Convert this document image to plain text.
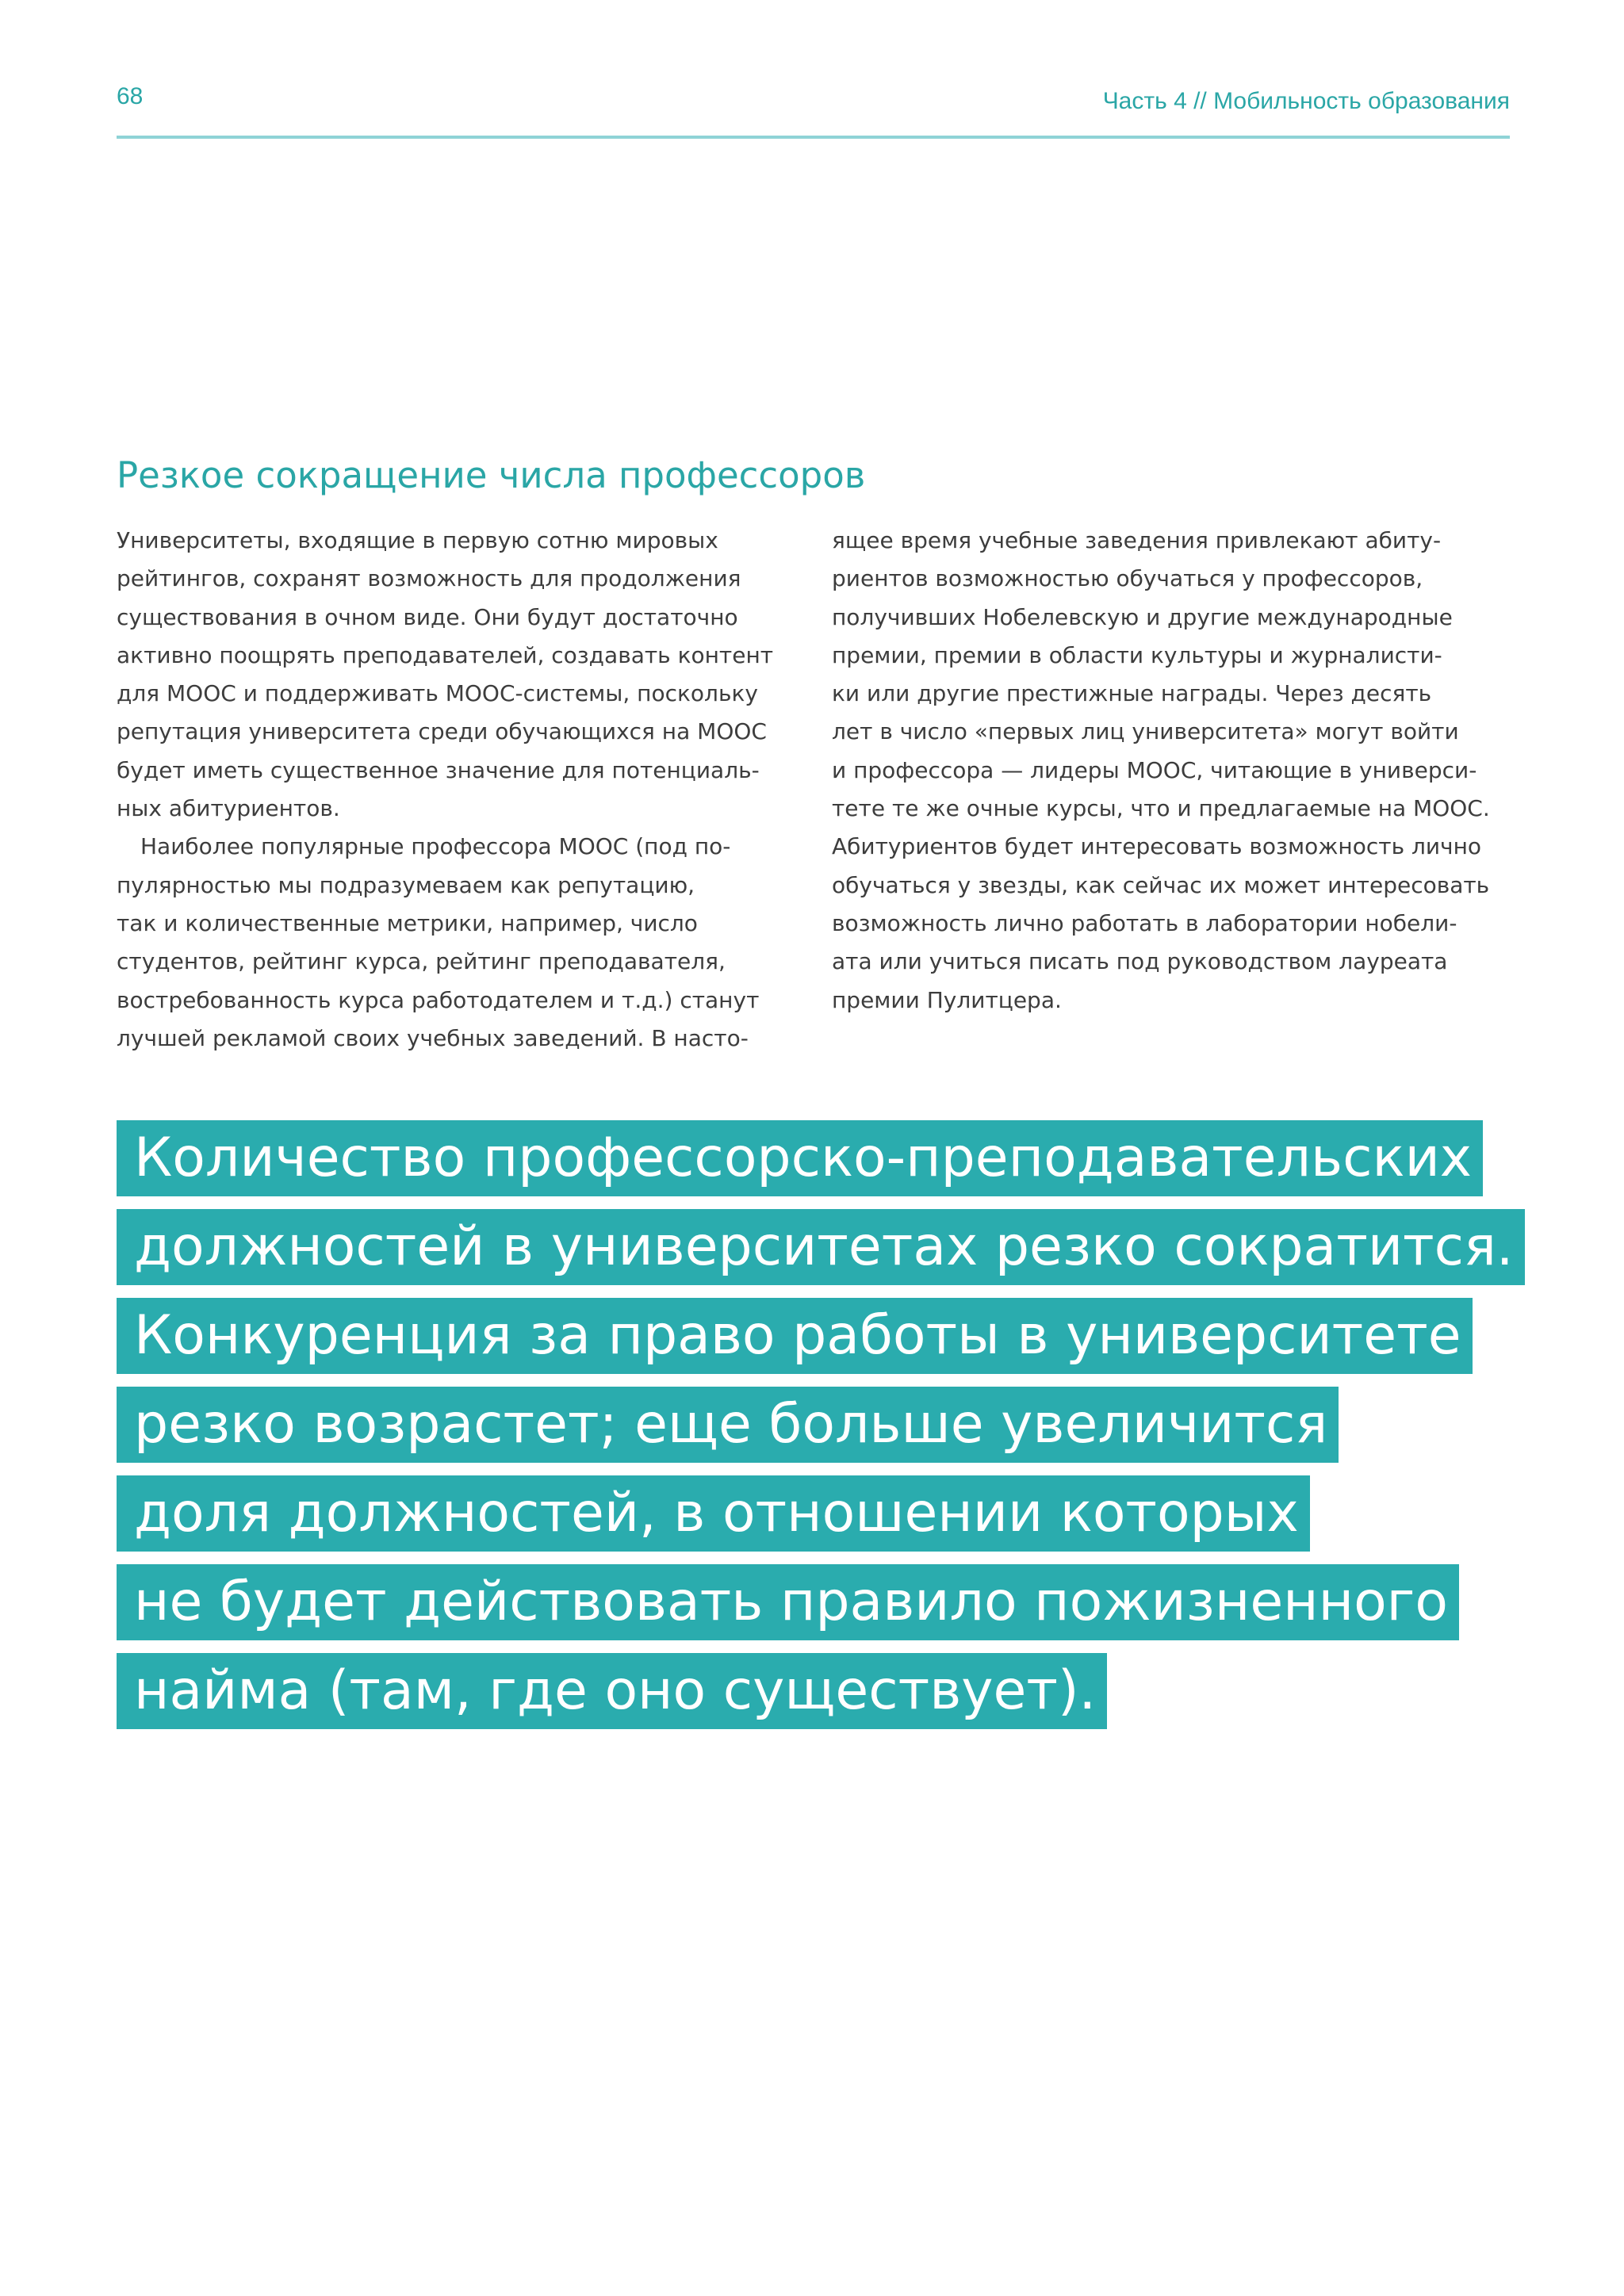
68	Часть 4 // Мобильность образования
Резкое сокращение числа профессоров

Университеты, входящие в первую сотню мировых

рейтингов, сохранят возможность для продолжения

существования в очном виде. Они будут достаточно

активно поощрять преподавателей, создавать контент

для MOOC и поддерживать MOOC-системы, поскольку

репутация университета среди обучающихся на MOOC

будет иметь существенное значение для потенциаль-

ных абитуриентов.

Наиболее популярные профессора MOOC (под по-

пулярностью мы подразумеваем как репутацию,

так и количественные метрики, например, число

студентов, рейтинг курса, рейтинг преподавателя,

востребованность курса работодателем и т.д.) станут

лучшей рекламой своих учебных заведений. В насто-

ящее время учебные заведения привлекают абиту-

риентов возможностью обучаться у профессоров,

получивших Нобелевскую и другие международные

премии, премии в области культуры и журналисти-

ки или другие престижные награды. Через десять

лет в число «первых лиц университета» могут войти

и профессора — лидеры MOOC, читающие в универси-

тете те же очные курсы, что и предлагаемые на MOOC.

Абитуриентов будет интересовать возможность лично

обучаться у звезды, как сейчас их может интересовать

возможность лично работать в лаборатории нобели-

ата или учиться писать под руководством лауреата

премии Пулитцера.

Количество профессорско-преподавательских
должностей в университетах резко сократится.
Конкуренция за право работы в университете
резко возрастет; еще больше увеличится
доля должностей, в отношении которых
не будет действовать правило пожизненного
найма (там, где оно существует).
